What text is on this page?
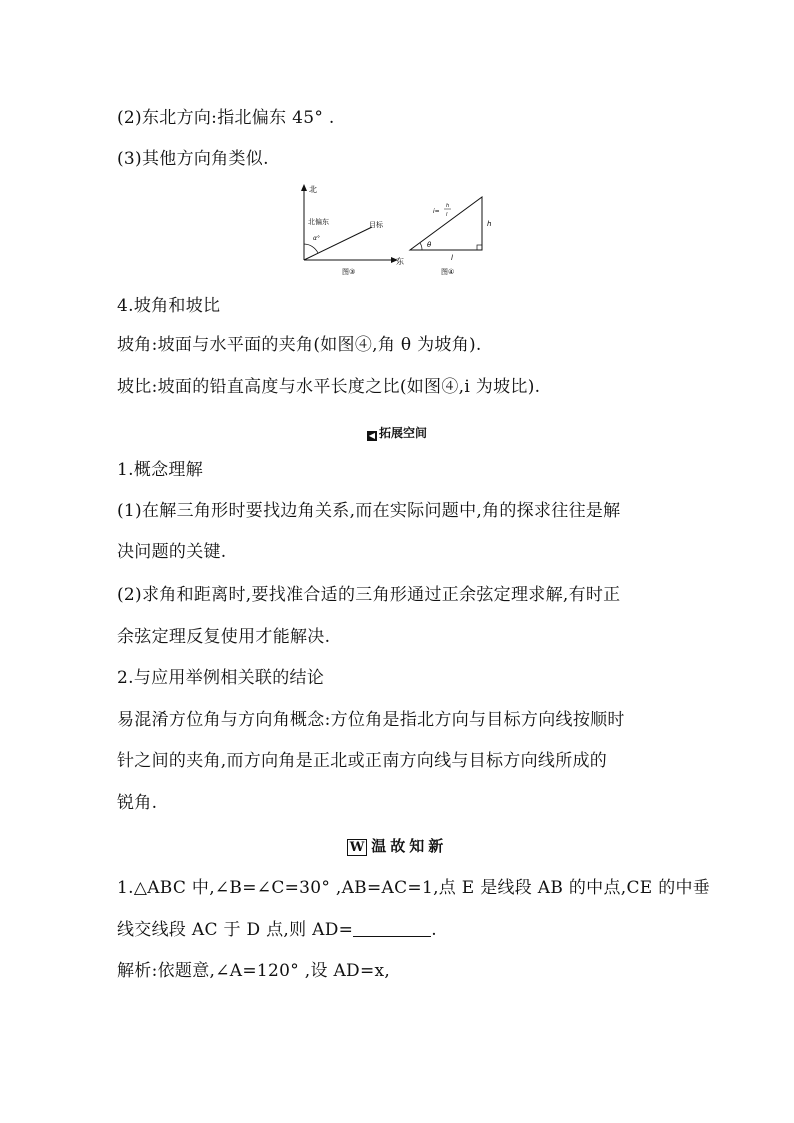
(2)东北方向:指北偏东 45° .
(3)其他方向角类似.
北
东
北偏东	目标
α°
图③
i=
h
l
h
l
θ
图④
4.坡角和坡比
坡角:坡面与水平面的夹角(如图④,角 θ 为坡角).
坡比:坡面的铅直高度与水平长度之比(如图④,i 为坡比).
◀ 拓展空间
1.概念理解
(1)在解三角形时要找边角关系,而在实际问题中,角的探求往往是解
决问题的关键.
(2)求角和距离时,要找准合适的三角形通过正余弦定理求解,有时正
余弦定理反复使用才能解决.
2.与应用举例相关联的结论
易混淆方位角与方向角概念:方位角是指北方向与目标方向线按顺时
针之间的夹角,而方向角是正北或正南方向线与目标方向线所成的
锐角.
W 温故知新
1.△ABC 中,∠B=∠C=30° ,AB=AC=1,点 E 是线段 AB 的中点,CE 的中垂
线交线段 AC 于 D 点,则 AD=	.
解析:依题意,∠A=120° ,设 AD=x,
